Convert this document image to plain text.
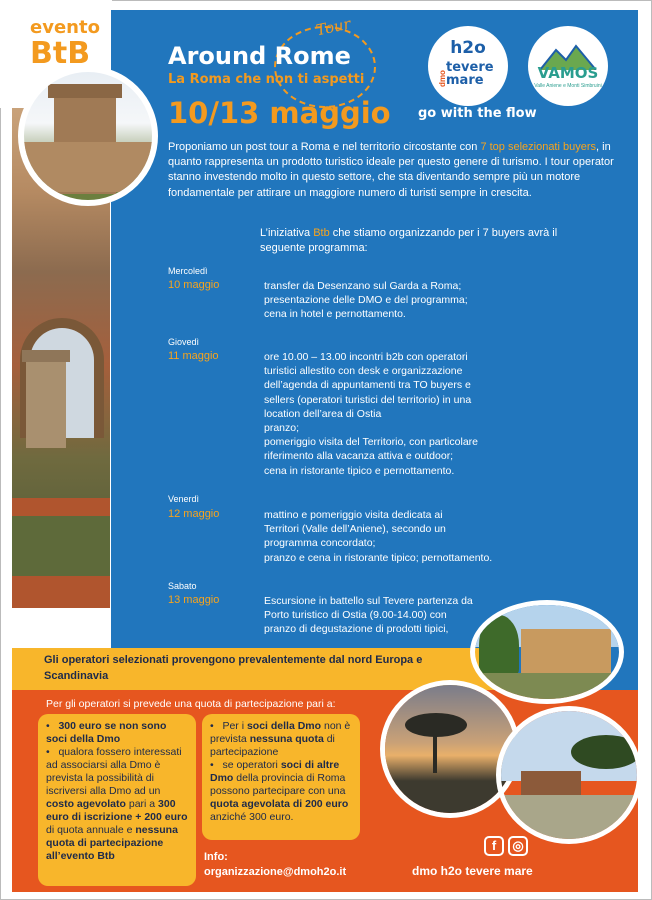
evento
BtB
Tour
Around Rome
La Roma che non ti aspetti
10/13 maggio
h2o
tevere
mare
dmo	VAMOS
Valle Aniene e Monti Simbruini
go with the flow
Proponiamo un post tour a Roma e nel territorio circostante con 7 top selezionati buyers, in quanto rappresenta un prodotto turistico ideale per questo genere di turismo. I tour operator stanno investendo molto in questo settore, che sta diventando sempre più un motore fondamentale per attirare un maggiore numero di turisti sempre in crescita.
L’iniziativa Btb che stiamo organizzando per i 7 buyers avrà il seguente programma:
Mercoledì
10 maggio	transfer da Desenzano sul Garda a Roma;
presentazione delle DMO e del programma;
cena in hotel e pernottamento.
Giovedì
11 maggio	ore 10.00 – 13.00 incontri b2b con operatori
turistici allestito con desk e organizzazione
dell’agenda di appuntamenti tra TO buyers e
sellers (operatori turistici del territorio) in una
location dell’area di Ostia
pranzo;
pomeriggio visita del Territorio, con particolare
riferimento alla vacanza attiva e outdoor;
cena in ristorante tipico e pernottamento.
Venerdì
12 maggio	mattino e pomeriggio visita dedicata ai
Territori (Valle dell’Aniene), secondo un
programma concordato;
pranzo e cena in ristorante tipico; pernottamento.
Sabato
13 maggio	Escursione in battello sul Tevere partenza da
Porto turistico di Ostia (9.00-14.00) con
pranzo di degustazione di prodotti tipici,
Gli operatori selezionati provengono prevalentemente dal nord Europa e Scandinavia
Per gli operatori si prevede una quota di partecipazione pari a:
•   300 euro se non sono soci della Dmo
•   qualora fossero interessati ad associarsi alla Dmo è prevista la possibilità di iscriversi alla Dmo ad un costo agevolato pari a 300 euro di iscrizione + 200 euro di quota annuale e nessuna quota di partecipazione all’evento Btb
•   Per i soci della Dmo non è prevista nessuna quota di partecipazione
•   se operatori soci di altre Dmo della provincia di Roma possono partecipare con una quota agevolata di 200 euro anziché 300 euro.
Info:
organizzazione@dmoh2o.it
f	◎
dmo h2o tevere mare
